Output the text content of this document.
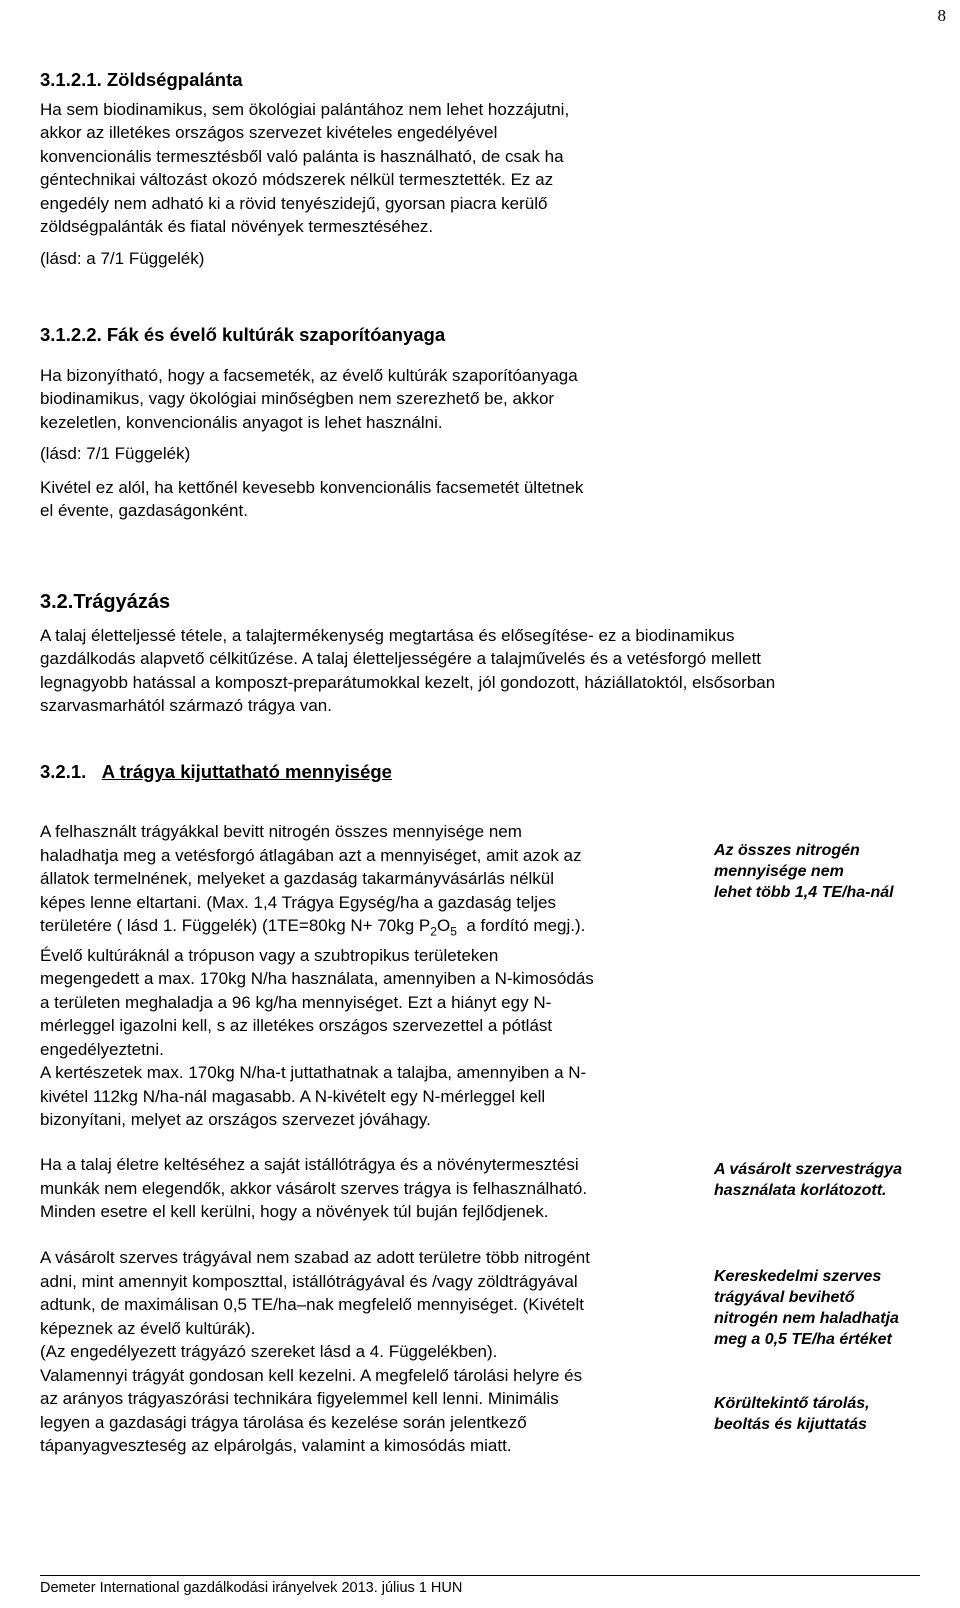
8
3.1.2.1. Zöldségpalánta

Ha sem biodinamikus, sem ökológiai palántához nem lehet hozzájutni,

akkor az illetékes országos szervezet kivételes engedélyével

konvencionális termesztésből való palánta is használható, de csak ha

géntechnikai változást okozó módszerek nélkül termesztették. Ez az

engedély nem adható ki a rövid tenyészidejű, gyorsan piacra kerülő

zöldségpalánták és fiatal növények termesztéséhez.

(lásd: a 7/1 Függelék)

3.1.2.2. Fák és évelő kultúrák szaporítóanyaga

Ha bizonyítható, hogy a facsemeték, az évelő kultúrák szaporítóanyaga

biodinamikus, vagy ökológiai minőségben nem szerezhető be, akkor

kezeletlen, konvencionális anyagot is lehet használni.

(lásd: 7/1 Függelék)

Kivétel ez alól, ha kettőnél kevesebb konvencionális facsemetét ültetnek

el évente, gazdaságonként.

3.2.Trágyázás

A talaj életteljessé tétele, a talajtermékenység megtartása és elősegítése- ez a biodinamikus

gazdálkodás alapvető célkitűzése. A talaj életteljességére a talajművelés és a vetésforgó mellett

legnagyobb hatással a komposzt-preparátumokkal kezelt, jól gondozott, háziállatoktól, elsősorban

szarvasmarhától származó trágya van.

3.2.1. A trágya kijuttatható mennyisége

A felhasznált trágyákkal bevitt nitrogén összes mennyisége nem

haladhatja meg a vetésforgó átlagában azt a mennyiséget, amit azok az

állatok termelnének, melyeket a gazdaság takarmányvásárlás nélkül

képes lenne eltartani. (Max. 1,4 Trágya Egység/ha a gazdaság teljes

területére ( lásd 1. Függelék) (1TE=80kg N+ 70kg $P_2O_5$  a fordító megj.).

Évelő kultúráknál a trópuson vagy a szubtropikus területeken

megengedett a max. 170kg N/ha használata, amennyiben a N-kimosódás

a területen meghaladja a 96 kg/ha mennyiséget. Ezt a hiányt egy N-

mérleggel igazolni kell, s az illetékes országos szervezettel a pótlást

engedélyeztetni.

A kertészetek max. 170kg N/ha-t juttathatnak a talajba, amennyiben a N-

kivétel 112kg N/ha-nál magasabb. A N-kivételt egy N-mérleggel kell

bizonyítani, melyet az országos szervezet jóváhagy.

Ha a talaj életre keltéséhez a saját istállótrágya és a növénytermesztési

munkák nem elegendők, akkor vásárolt szerves trágya is felhasználható.

Minden esetre el kell kerülni, hogy a növények túl buján fejlődjenek.

A vásárolt szerves trágyával nem szabad az adott területre több nitrogént

adni, mint amennyit komposzttal, istállótrágyával és /vagy zöldtrágyával

adtunk, de maximálisan 0,5 TE/ha–nak megfelelő mennyiséget. (Kivételt

képeznek az évelő kultúrák).

(Az engedélyezett trágyázó szereket lásd a 4. Függelékben).

Valamennyi trágyát gondosan kell kezelni. A megfelelő tárolási helyre és

az arányos trágyaszórási technikára figyelemmel kell lenni. Minimális

legyen a gazdasági trágya tárolása és kezelése során jelentkező

tápanyagveszteség az elpárolgás, valamint a kimosódás miatt.

Az összes nitrogén

mennyisége nem

lehet több 1,4 TE/ha-nál

A vásárolt szervestrágya

használata korlátozott.

Kereskedelmi szerves

trágyával bevihető

nitrogén nem haladhatja

meg a 0,5 TE/ha értéket

Körültekintő tárolás,

beoltás és kijuttatás

Demeter International gazdálkodási irányelvek 2013. július 1 HUN
